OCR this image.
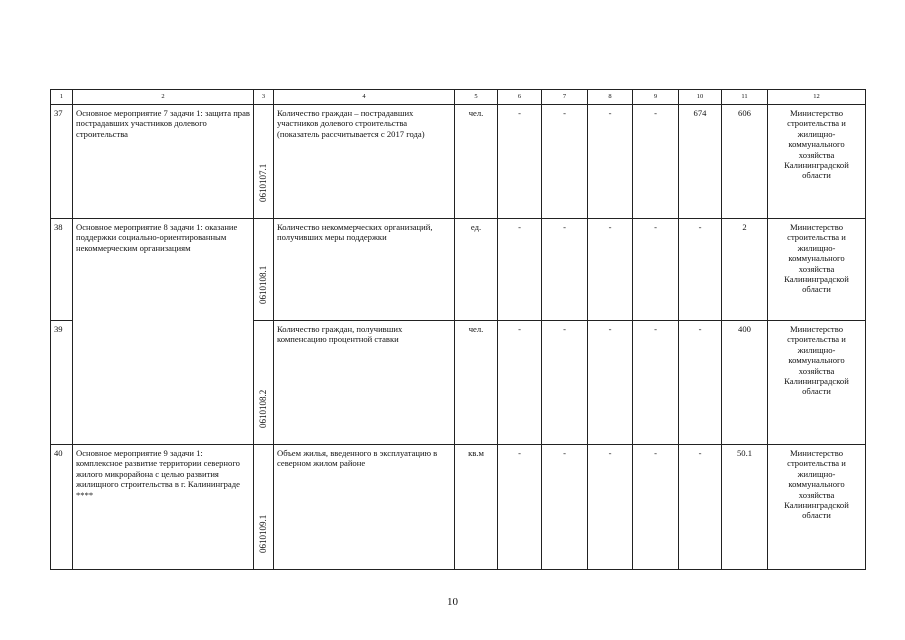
1	2	3	4	5	6	7	8	9	10	11	12
37	Основное мероприятие 7 задачи 1: защита прав пострадавших участников долевого строительства	0610107.1	Количество граждан – пострадавших участников долевого строительства (показатель рассчитывается с 2017 года)	чел.	-	-	-	-	674	606	Министерство строительства и жилищно-коммунального хозяйства Калининградской области
38	Основное мероприятие 8 задачи 1: оказание поддержки социально-ориентированным некоммерческим организациям	0610108.1	Количество некоммерческих организаций, получивших меры поддержки	ед.	-	-	-	-	-	2	Министерство строительства и жилищно-коммунального хозяйства Калининградской области
39		0610108.2	Количество граждан, получивших компенсацию процентной ставки	чел.	-	-	-	-	-	400	Министерство строительства и жилищно-коммунального хозяйства Калининградской области
40	Основное мероприятие 9 задачи 1: комплексное развитие территории северного жилого микрорайона с целью развития жилищного строительства в г. Калининграде ****	0610109.1	Объем жилья, введенного в эксплуатацию в северном жилом районе	кв.м	-	-	-	-	-	50.1	Министерство строительства и жилищно-коммунального хозяйства Калининградской области
10
